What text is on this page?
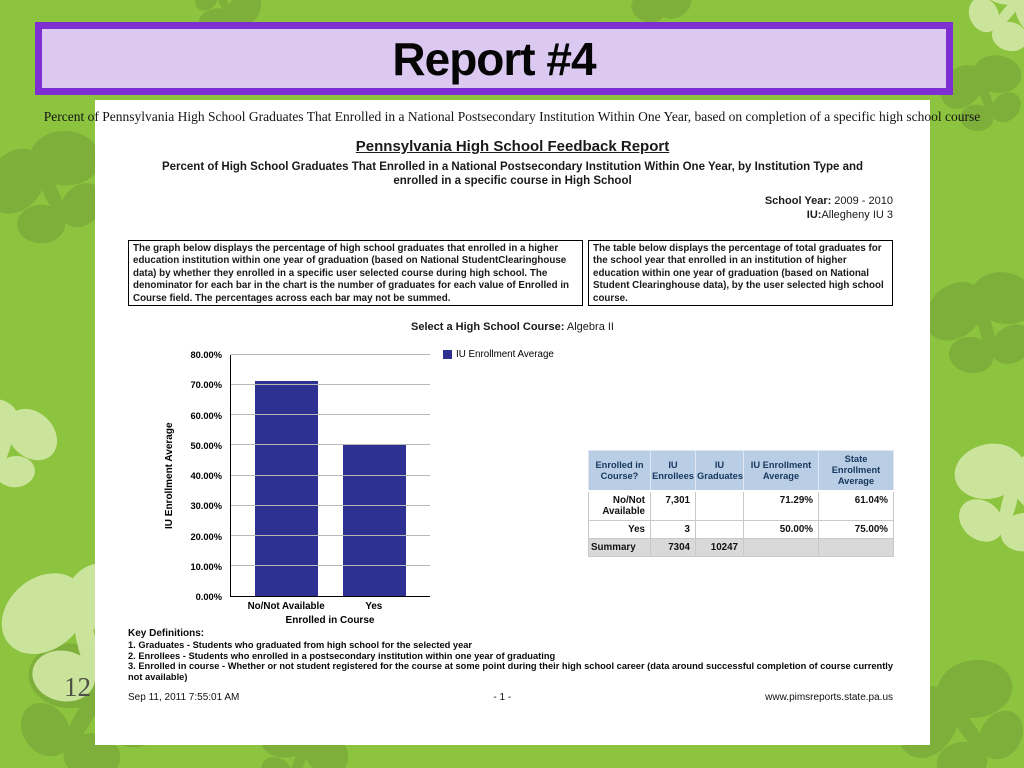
Report #4
Percent of Pennsylvania High School Graduates That Enrolled in a National Postsecondary Institution Within One Year, based on completion of a specific high school course
Pennsylvania High School Feedback Report
Percent of High School Graduates That Enrolled in a National Postsecondary Institution Within One Year, by Institution Type and enrolled in a specific course in High School
School Year: 2009 - 2010
IU:Allegheny IU 3
The graph below displays the percentage of high school graduates that enrolled in a higher education institution within one year of graduation (based on National StudentClearinghouse data) by whether they enrolled in a specific user selected course during high school. The denominator for each bar in the chart is the number of graduates for each value of Enrolled in Course field. The percentages across each bar may not be summed.
The table below displays the percentage of total graduates for the school year that enrolled in an institution of higher education within one year of graduation (based on National Student Clearinghouse data), by the user selected high school course.
Select a High School Course: Algebra II
IU Enrollment Average
IU Enrollment Average
0.00%
10.00%
20.00%
30.00%
40.00%
50.00%
60.00%
70.00%
80.00%
No/Not Available	Yes
Enrolled in Course
Enrolled in Course?	IU Enrollees	IU Graduates	IU Enrollment Average	State Enrollment Average
No/Not Available	7,301		71.29%	61.04%
Yes	3		50.00%	75.00%
Summary	7304	10247		
Key Definitions:
1. Graduates - Students who graduated from high school for the selected year
2. Enrollees - Students who enrolled in a postsecondary institution within one year of graduating
3. Enrolled in course - Whether or not student registered for the course at some point during their high school career (data around successful completion of course currently not available)
Sep 11, 2011 7:55:01 AM	- 1 -	www.pimsreports.state.pa.us
12
